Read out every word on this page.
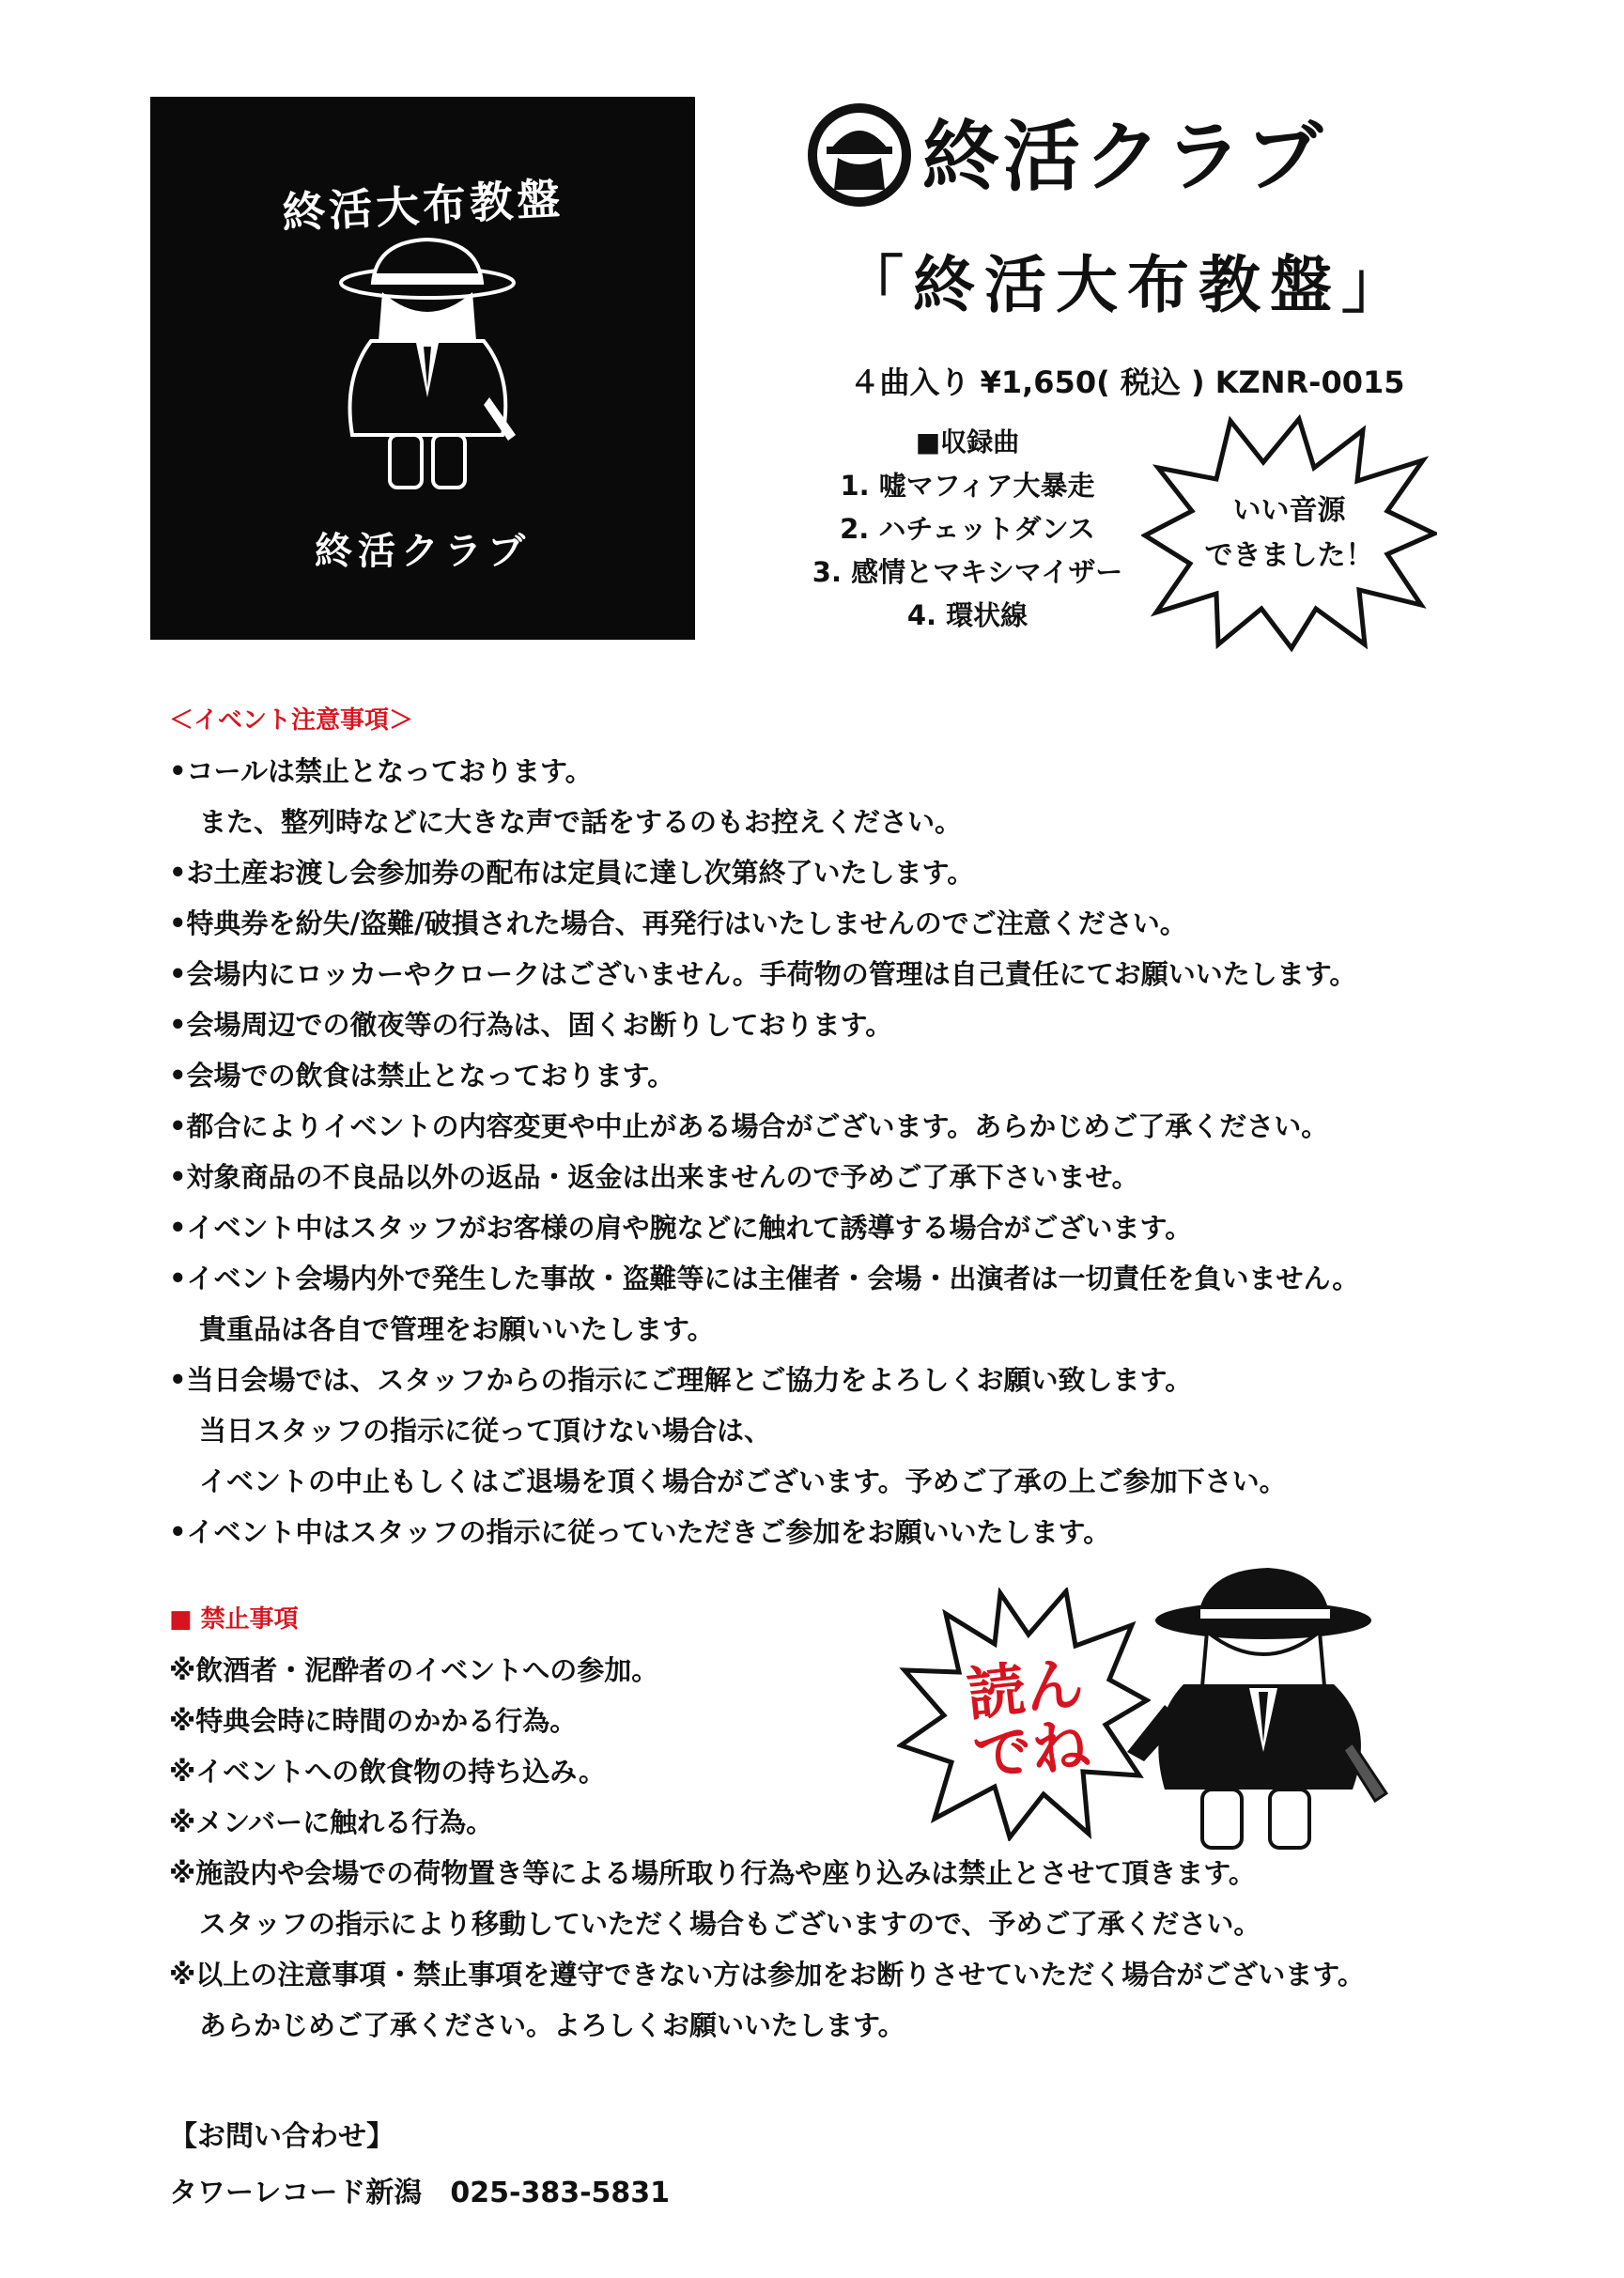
終活大布教盤
終活クラブ
終活クラブ
「終活大布教盤」
４曲入り ¥1,650( 税込 ) KZNR-0015
■収録曲
1. 嘘マフィア大暴走
2. ハチェットダンス
3. 感情とマキシマイザー
4. 環状線
いい音源
できました！
＜イベント注意事項＞
•コールは禁止となっております。
また、整列時などに大きな声で話をするのもお控えください。
•お土産お渡し会参加券の配布は定員に達し次第終了いたします。
•特典券を紛失/盗難/破損された場合、再発行はいたしませんのでご注意ください。
•会場内にロッカーやクロークはございません。手荷物の管理は自己責任にてお願いいたします。
•会場周辺での徹夜等の行為は、固くお断りしております。
•会場での飲食は禁止となっております。
•都合によりイベントの内容変更や中止がある場合がございます。あらかじめご了承ください。
•対象商品の不良品以外の返品・返金は出来ませんので予めご了承下さいませ。
•イベント中はスタッフがお客様の肩や腕などに触れて誘導する場合がございます。
•イベント会場内外で発生した事故・盗難等には主催者・会場・出演者は一切責任を負いません。
貴重品は各自で管理をお願いいたします。
•当日会場では、スタッフからの指示にご理解とご協力をよろしくお願い致します。
当日スタッフの指示に従って頂けない場合は、
イベントの中止もしくはご退場を頂く場合がございます。予めご了承の上ご参加下さい。
•イベント中はスタッフの指示に従っていただきご参加をお願いいたします。
■ 禁止事項
※飲酒者・泥酔者のイベントへの参加。
※特典会時に時間のかかる行為。
※イベントへの飲食物の持ち込み。
※メンバーに触れる行為。
※施設内や会場での荷物置き等による場所取り行為や座り込みは禁止とさせて頂きます。
スタッフの指示により移動していただく場合もございますので、予めご了承ください。
※以上の注意事項・禁止事項を遵守できない方は参加をお断りさせていただく場合がございます。
あらかじめご了承ください。よろしくお願いいたします。
読ん
でね
【お問い合わせ】
タワーレコード新潟　025-383-5831
